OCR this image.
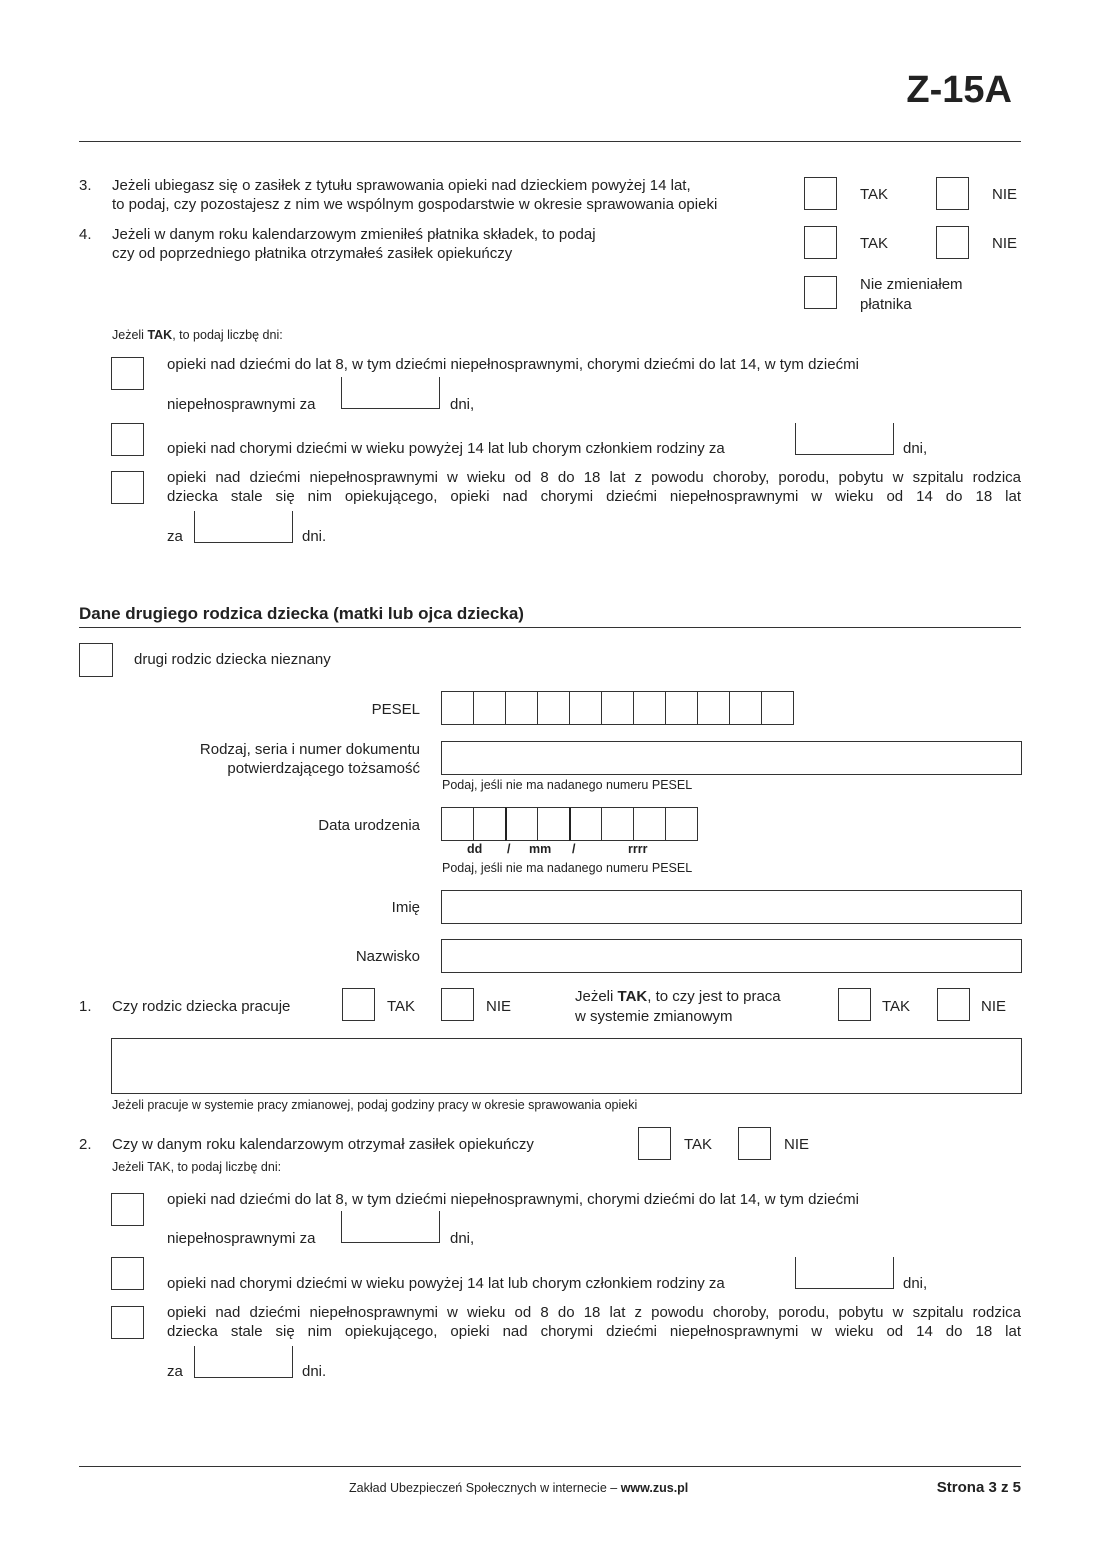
Z-15A
3. Jeżeli ubiegasz się o zasiłek z tytułu sprawowania opieki nad dzieckiem powyżej 14 lat,
to podaj, czy pozostajesz z nim we wspólnym gospodarstwie w okresie sprawowania opieki
TAK	NIE
4. Jeżeli w danym roku kalendarzowym zmieniłeś płatnika składek, to podaj
czy od poprzedniego płatnika otrzymałeś zasiłek opiekuńczy
TAK	NIE
Nie zmieniałem
płatnika
Jeżeli TAK, to podaj liczbę dni:
opieki nad dziećmi do lat 8, w tym dziećmi niepełnosprawnymi, chorymi dziećmi do lat 14, w tym dziećmi
niepełnosprawnymi za	dni,
opieki nad chorymi dziećmi w wieku powyżej 14 lat lub chorym członkiem rodziny za	dni,
opieki nad dziećmi niepełnosprawnymi w wieku od 8 do 18 lat z powodu choroby, porodu, pobytu w szpitalu rodzica
dziecka stale się nim opiekującego, opieki nad chorymi dziećmi niepełnosprawnymi w wieku od 14 do 18 lat
za	dni.
Dane drugiego rodzica dziecka (matki lub ojca dziecka)
drugi rodzic dziecka nieznany
PESEL
Rodzaj, seria i numer dokumentu
potwierdzającego tożsamość
Podaj, jeśli nie ma nadanego numeru PESEL
Data urodzenia
dd / mm /	rrrr
Podaj, jeśli nie ma nadanego numeru PESEL
Imię
Nazwisko
1. Czy rodzic dziecka pracuje	TAK	NIE
Jeżeli TAK, to czy jest to praca
w systemie zmianowym
TAK	NIE
Jeżeli pracuje w systemie pracy zmianowej, podaj godziny pracy w okresie sprawowania opieki
2. Czy w danym roku kalendarzowym otrzymał zasiłek opiekuńczy	TAK	NIE
Jeżeli TAK, to podaj liczbę dni:
opieki nad dziećmi do lat 8, w tym dziećmi niepełnosprawnymi, chorymi dziećmi do lat 14, w tym dziećmi
niepełnosprawnymi za	dni,
opieki nad chorymi dziećmi w wieku powyżej 14 lat lub chorym członkiem rodziny za	dni,
opieki nad dziećmi niepełnosprawnymi w wieku od 8 do 18 lat z powodu choroby, porodu, pobytu w szpitalu rodzica
dziecka stale się nim opiekującego, opieki nad chorymi dziećmi niepełnosprawnymi w wieku od 14 do 18 lat
za	dni.
Zakład Ubezpieczeń Społecznych w internecie – www.zus.pl	Strona 3 z 5
